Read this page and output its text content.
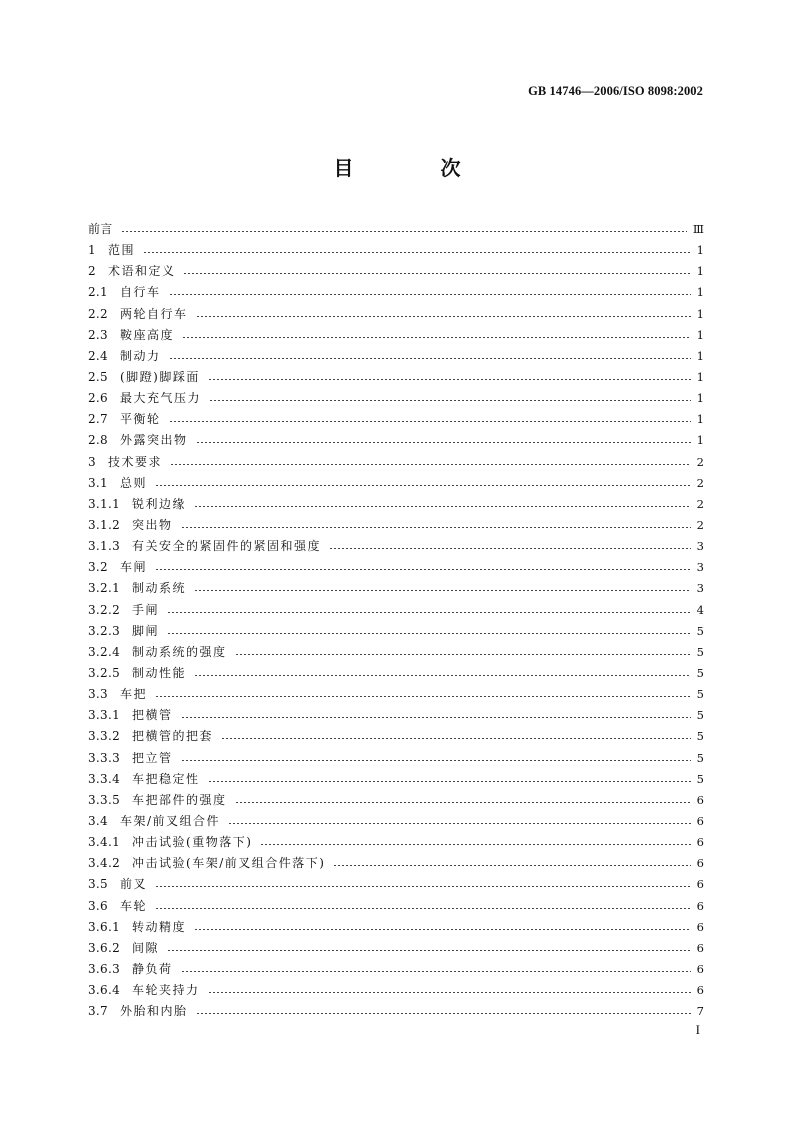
GB 14746—2006/ISO 8098:2002
目 次
前言	Ⅲ
1 范围	1
2 术语和定义	1
2.1 自行车	1
2.2 两轮自行车	1
2.3 鞍座高度	1
2.4 制动力	1
2.5 (脚蹬)脚踩面	1
2.6 最大充气压力	1
2.7 平衡轮	1
2.8 外露突出物	1
3 技术要求	2
3.1 总则	2
3.1.1 锐利边缘	2
3.1.2 突出物	2
3.1.3 有关安全的紧固件的紧固和强度	3
3.2 车闸	3
3.2.1 制动系统	3
3.2.2 手闸	4
3.2.3 脚闸	5
3.2.4 制动系统的强度	5
3.2.5 制动性能	5
3.3 车把	5
3.3.1 把横管	5
3.3.2 把横管的把套	5
3.3.3 把立管	5
3.3.4 车把稳定性	5
3.3.5 车把部件的强度	6
3.4 车架/前叉组合件	6
3.4.1 冲击试验(重物落下)	6
3.4.2 冲击试验(车架/前叉组合件落下)	6
3.5 前叉	6
3.6 车轮	6
3.6.1 转动精度	6
3.6.2 间隙	6
3.6.3 静负荷	6
3.6.4 车轮夹持力	6
3.7 外胎和内胎	7
I
